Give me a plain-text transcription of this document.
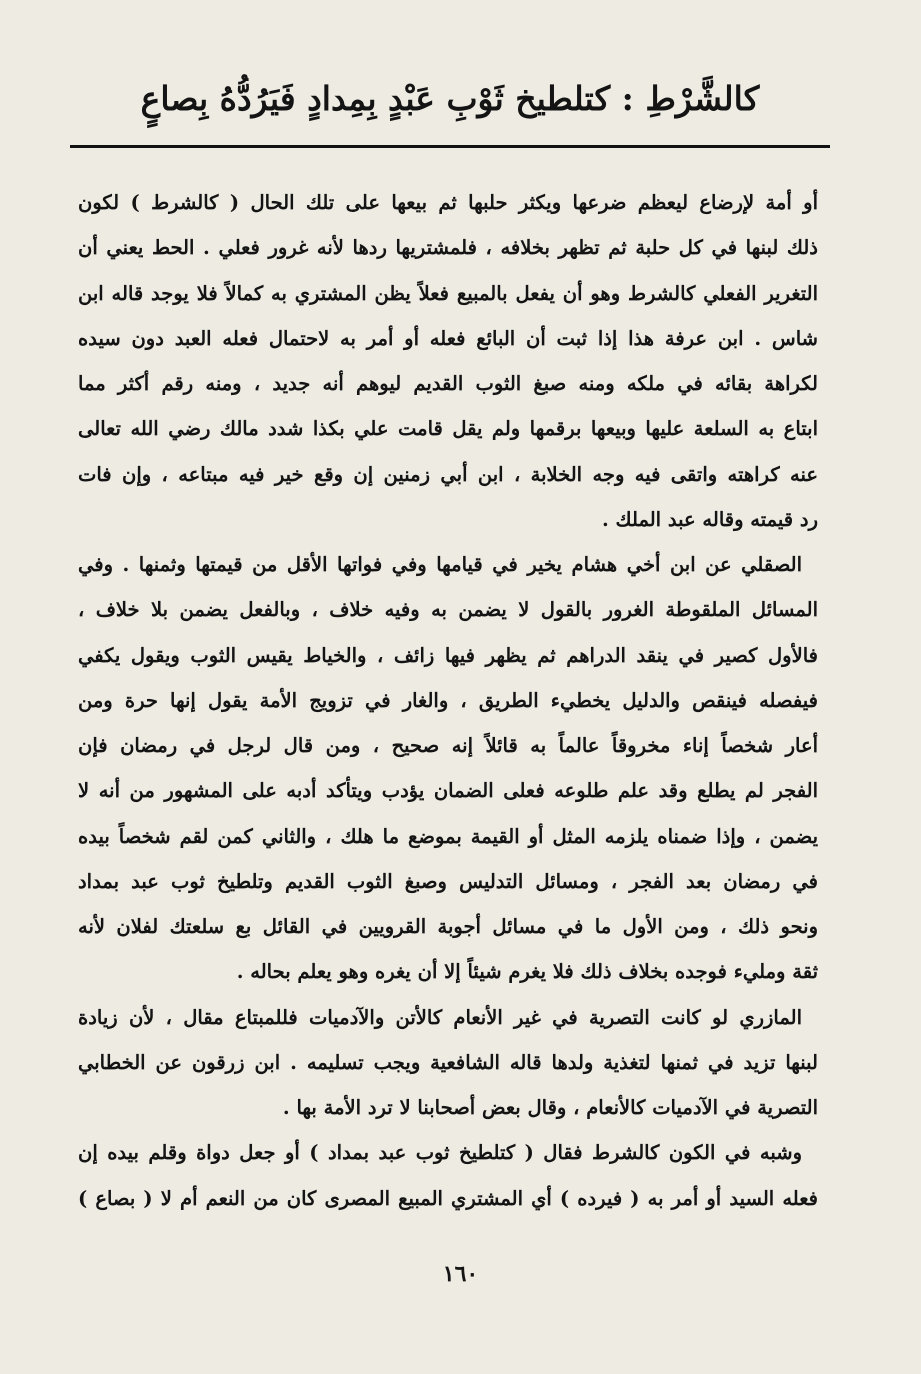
كالشَّرْطِ : كتلطيخ ثَوْبِ عَبْدٍ بِمِدادٍ فَيَرُدُّهُ بِصاعٍ
أو أمة لإرضاع ليعظم ضرعها ويكثر حلبها ثم بيعها على تلك الحال ( كالشرط ) لكون
ذلك لبنها في كل حلبة ثم تظهر بخلافه ، فلمشتريها ردها لأنه غرور فعلي . الحط يعني أن
التغرير الفعلي كالشرط وهو أن يفعل بالمبيع فعلاً يظن المشتري به كمالاً فلا يوجد قاله ابن
شاس . ابن عرفة هذا إذا ثبت أن البائع فعله أو أمر به لاحتمال فعله العبد دون سيده
لكراهة بقائه في ملكه ومنه صبغ الثوب القديم ليوهم أنه جديد ، ومنه رقم أكثر مما
ابتاع به السلعة عليها وبيعها برقمها ولم يقل قامت علي بكذا شدد مالك رضي الله تعالى
عنه كراهته واتقى فيه وجه الخلابة ، ابن أبي زمنين إن وقع خير فيه مبتاعه ، وإن فات
رد قيمته وقاله عبد الملك .
الصقلي عن ابن أخي هشام يخير في قيامها وفي فواتها الأقل من قيمتها وثمنها . وفي
المسائل الملقوطة الغرور بالقول لا يضمن به وفيه خلاف ، وبالفعل يضمن بلا خلاف ،
فالأول كصير في ينقد الدراهم ثم يظهر فيها زائف ، والخياط يقيس الثوب ويقول يكفي
فيفصله فينقص والدليل يخطيء الطريق ، والغار في تزويج الأمة يقول إنها حرة ومن
أعار شخصاً إناء مخروقاً عالماً به قائلاً إنه صحيح ، ومن قال لرجل في رمضان فإن
الفجر لم يطلع وقد علم طلوعه فعلى الضمان يؤدب ويتأكد أدبه على المشهور من أنه لا
يضمن ، وإذا ضمناه يلزمه المثل أو القيمة بموضع ما هلك ، والثاني كمن لقم شخصاً بيده
في رمضان بعد الفجر ، ومسائل التدليس وصبغ الثوب القديم وتلطيخ ثوب عبد بمداد
ونحو ذلك ، ومن الأول ما في مسائل أجوبة القرويين في القائل بع سلعتك لفلان لأنه
ثقة ومليء فوجده بخلاف ذلك فلا يغرم شيئاً إلا أن يغره وهو يعلم بحاله .
المازري لو كانت التصرية في غير الأنعام كالأتن والآدميات فللمبتاع مقال ، لأن زيادة
لبنها تزيد في ثمنها لتغذية ولدها قاله الشافعية ويجب تسليمه . ابن زرقون عن الخطابي
التصرية في الآدميات كالأنعام ، وقال بعض أصحابنا لا ترد الأمة بها .
وشبه في الكون كالشرط فقال ( كتلطيخ ثوب عبد بمداد ) أو جعل دواة وقلم بيده إن
فعله السيد أو أمر به ( فيرده ) أي المشتري المبيع المصرى كان من النعم أم لا ( بصاع )
١٦٠
